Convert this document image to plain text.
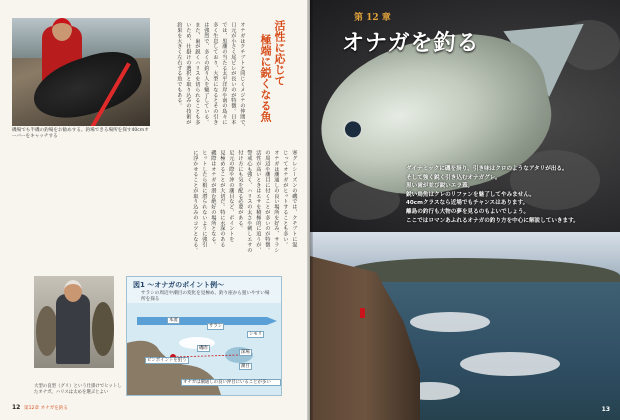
磯場でも半磯の釣場をお勧めする。釣場できる場所を探す40cmオーバーをキャッチする
活性に応じて
極端に鋭くなる魚
オナガはクチブトと同じくメジナの仲間で、
口元が小さく尾ビレが長いのが特徴。日本
では、黒潮の当たる太平洋岸や南の島々に
多く生息しており、大型になるとその引き
は強烈で、多くの釣り人を魅了している。
また、歯が鋭くハリスを切られることも多
いため、仕掛けの選択と取り込みの技術が
釣果を大きく左右する魚でもある。
寒グレシーズンの磯では、クチブトに混
じってオナガがヒットすることも多い。
オナガは潮通しの良い場所を好み、サラシ
の周辺や潮目に付くことが多いのが特徴。
活性が高いときはエサを積極的に追うが、
警戒心も強く、ハリスの太さや刺しエサの
付け方にも気を配る必要がある。
足元の際や沖の潮目など、ポイントを
見極めることが大切だ。特に水深のある
磯際はオナガが潜む絶好の場所となる。
ヒットしたら根に潜られないように強引
に浮かせることが取り込みのコツとなる。
大型の良型（グリ）という仕掛けでヒットしたオナガ。ハリスは太めを選ぶとよい
図1 ～オナガのポイント例～
サラシの周辺や潮目の変化を見極め、釣り座から狙いやすい場所を探る
本流
サラシ
シモリ
磯際
ピンポイントを狙う
深場
潮目
オナガは潮通しの良い沖目にいることが多い
12 第12章 オナガを釣る
第 12 章
オナガを釣る
ダイナミックに磯を掛り、引き味はクロのようなアタリが出る。
そして強く鋭く引き込むオナガグレ。
黒い歯が並び鋭いエラ蓋。
鋭い鳥魚はクレのリファンを魅了してやみません。
40cmクラスなら近場でもチャンスはあります。
離島の釣行も大物の夢を見るのもよいでしょう。
ここではロマンあふれるオナガの釣り方を中心に解説していきます。
13
